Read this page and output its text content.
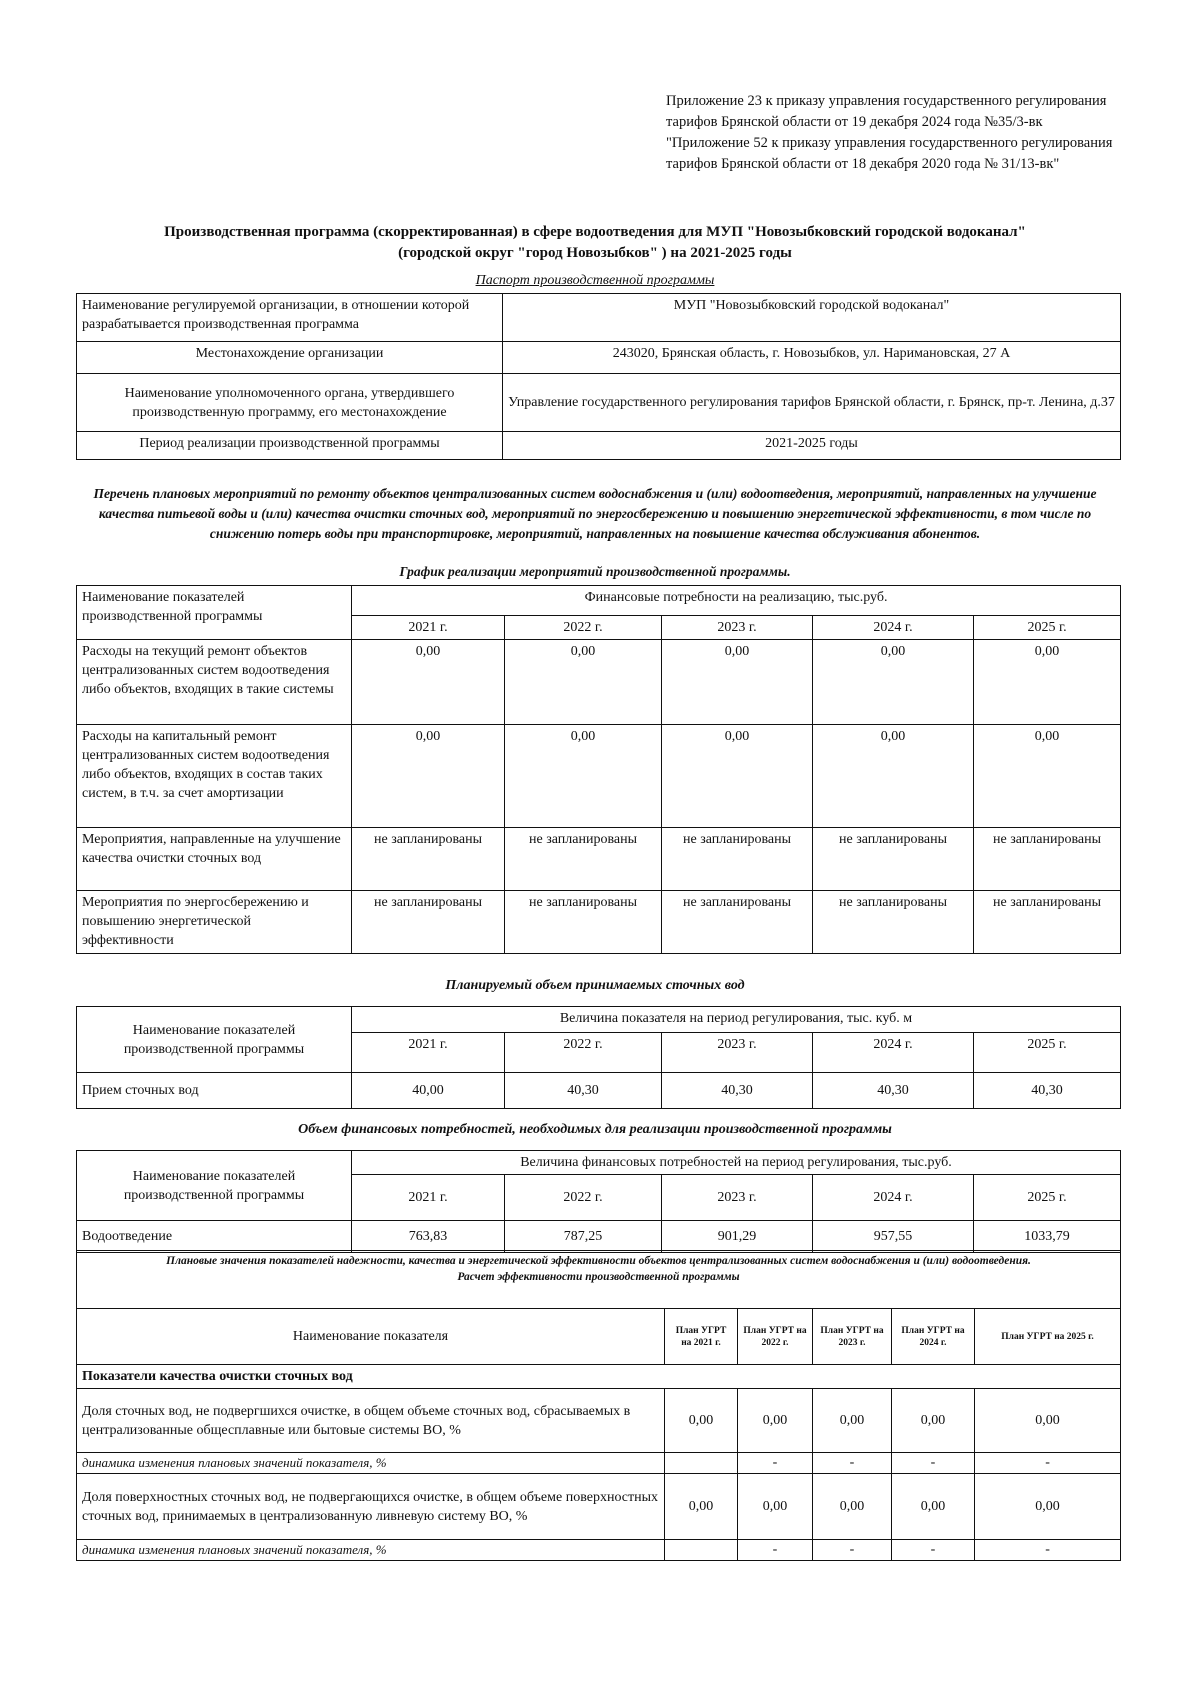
Приложение 23 к приказу управления государственного регулирования тарифов Брянской области от 19 декабря 2024 года №35/3-вк

"Приложение 52 к приказу управления государственного регулирования тарифов Брянской области от 18 декабря 2020 года № 31/13-вк"

Производственная программа (скорректированная) в сфере водоотведения для МУП "Новозыбковский городской водоканал"
(городской округ "город Новозыбков" ) на 2021-2025 годы
Паспорт производственной программы
Наименование регулируемой организации, в отношении которой разрабатывается производственная программа	МУП "Новозыбковский городской водоканал"
Местонахождение организации	243020, Брянская область, г. Новозыбков, ул. Наримановская, 27 А
Наименование уполномоченного органа, утвердившего производственную программу, его местонахождение	Управление государственного регулирования тарифов Брянской области, г. Брянск, пр-т. Ленина, д.37
Период реализации производственной программы	2021-2025 годы
Перечень плановых мероприятий по ремонту объектов централизованных систем водоснабжения и (или) водоотведения, мероприятий, направленных на улучшение качества питьевой воды и (или) качества очистки сточных вод, мероприятий по энергосбережению и повышению энергетической эффективности, в том числе по снижению потерь воды при транспортировке, мероприятий, направленных на повышение качества обслуживания абонентов.
График реализации мероприятий производственной программы.
Наименование показателей производственной программы	Финансовые потребности на реализацию, тыс.руб.				
	2021 г.	2022 г.	2023 г.	2024 г.	2025 г.
Расходы на текущий ремонт объектов централизованных систем водоотведения либо объектов, входящих в такие системы	0,00	0,00	0,00	0,00	0,00
Расходы на капитальный ремонт централизованных систем водоотведения либо объектов, входящих в состав таких систем, в т.ч. за счет амортизации	0,00	0,00	0,00	0,00	0,00
Мероприятия, направленные на улучшение качества очистки сточных вод	не запланированы	не запланированы	не запланированы	не запланированы	не запланированы
Мероприятия по энергосбережению и повышению энергетической эффективности	не запланированы	не запланированы	не запланированы	не запланированы	не запланированы
Планируемый объем принимаемых сточных вод
Наименование показателей производственной программы	Величина показателя на период регулирования, тыс. куб. м				
	2021 г.	2022 г.	2023 г.	2024 г.	2025 г.
Прием сточных вод	40,00	40,30	40,30	40,30	40,30
Объем финансовых потребностей, необходимых для реализации производственной программы
Наименование показателей производственной программы	Величина финансовых потребностей на период регулирования, тыс.руб.				
	2021 г.	2022 г.	2023 г.	2024 г.	2025 г.
Водоотведение	763,83	787,25	901,29	957,55	1033,79
Плановые значения показателей надежности, качества и энергетической эффективности объектов централизованных систем водоснабжения и (или) водоотведения.
Расчет эффективности производственной программы					

Наименование показателя	План УГРТ на 2021 г.	План УГРТ на 2022 г.	План УГРТ на 2023 г.	План УГРТ на 2024 г.	План УГРТ на 2025 г.
Показатели качества очистки сточных вод					
Доля сточных вод, не подвергшихся очистке, в общем объеме сточных вод, сбрасываемых в централизованные общесплавные или бытовые системы ВО, %	0,00	0,00	0,00	0,00	0,00
динамика изменения плановых значений показателя, %		-	-	-	-
Доля поверхностных сточных вод, не подвергающихся очистке, в общем объеме поверхностных сточных вод, принимаемых в централизованную ливневую систему ВО, %	0,00	0,00	0,00	0,00	0,00
динамика изменения плановых значений показателя, %		-	-	-	-
